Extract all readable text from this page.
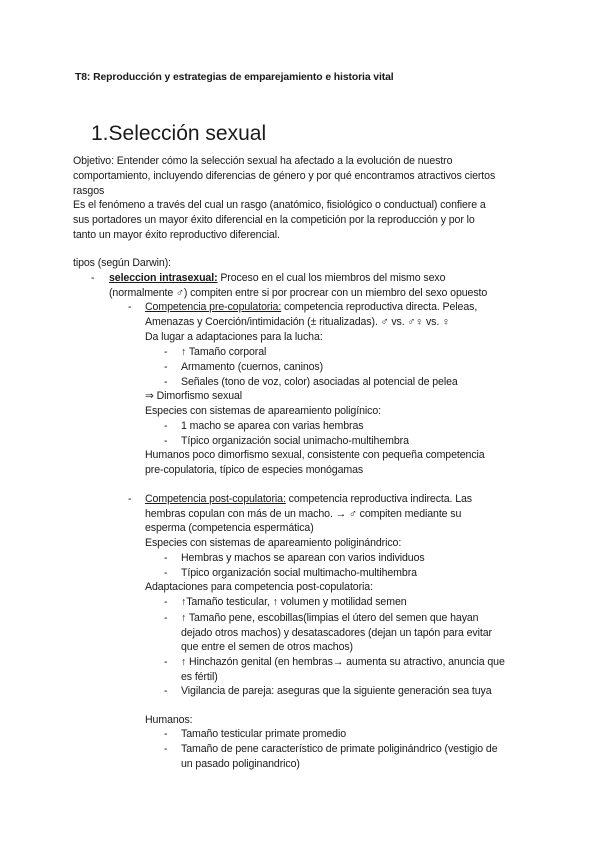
T8: Reproducción y estrategias de emparejamiento e historia vital
1.Selección sexual
Objetivo: Entender cómo la selección sexual ha afectado a la evolución de nuestro
comportamiento, incluyendo diferencias de género y por qué encontramos atractivos ciertos
rasgos
Es el fenómeno a través del cual un rasgo (anatómico, fisiológico o conductual) confiere a
sus portadores un mayor éxito diferencial en la competición por la reproducción y por lo
tanto un mayor éxito reproductivo diferencial.
tipos (según Darwin):
- seleccion intrasexual: Proceso en el cual los miembros del mismo sexo
(normalmente ♂) compiten entre si por procrear con un miembro del sexo opuesto
- Competencia pre-copulatoria: competencia reproductiva directa. Peleas,
Amenazas y Coerción/intimidación (± ritualizadas). ♂ vs. ♂♀ vs. ♀
Da lugar a adaptaciones para la lucha:
- ↑ Tamaño corporal
- Armamento (cuernos, caninos)
- Señales (tono de voz, color) asociadas al potencial de pelea
⇒ Dimorfismo sexual
Especies con sistemas de apareamiento poligínico:
- 1 macho se aparea con varias hembras
- Típico organización social unimacho-multihembra
Humanos poco dimorfismo sexual, consistente con pequeña competencia
pre-copulatoria, típico de especies monógamas
- Competencia post-copulatoria: competencia reproductiva indirecta. Las
hembras copulan con más de un macho. → ♂ compiten mediante su
esperma (competencia espermática)
Especies con sistemas de apareamiento poliginándrico:
- Hembras y machos se aparean con varios individuos
- Típico organización social multimacho-multihembra
Adaptaciones para competencia post-copulatoria:
- ↑Tamaño testicular, ↑ volumen y motilidad semen
- ↑ Tamaño pene, escobillas(limpias el útero del semen que hayan
dejado otros machos) y desatascadores (dejan un tapón para evitar
que entre el semen de otros machos)
- ↑ Hinchazón genital (en hembras→ aumenta su atractivo, anuncia que
es fértil)
- Vigilancia de pareja: aseguras que la siguiente generación sea tuya
Humanos:
- Tamaño testicular primate promedio
- Tamaño de pene característico de primate poliginándrico (vestigio de
un pasado poliginandrico)
